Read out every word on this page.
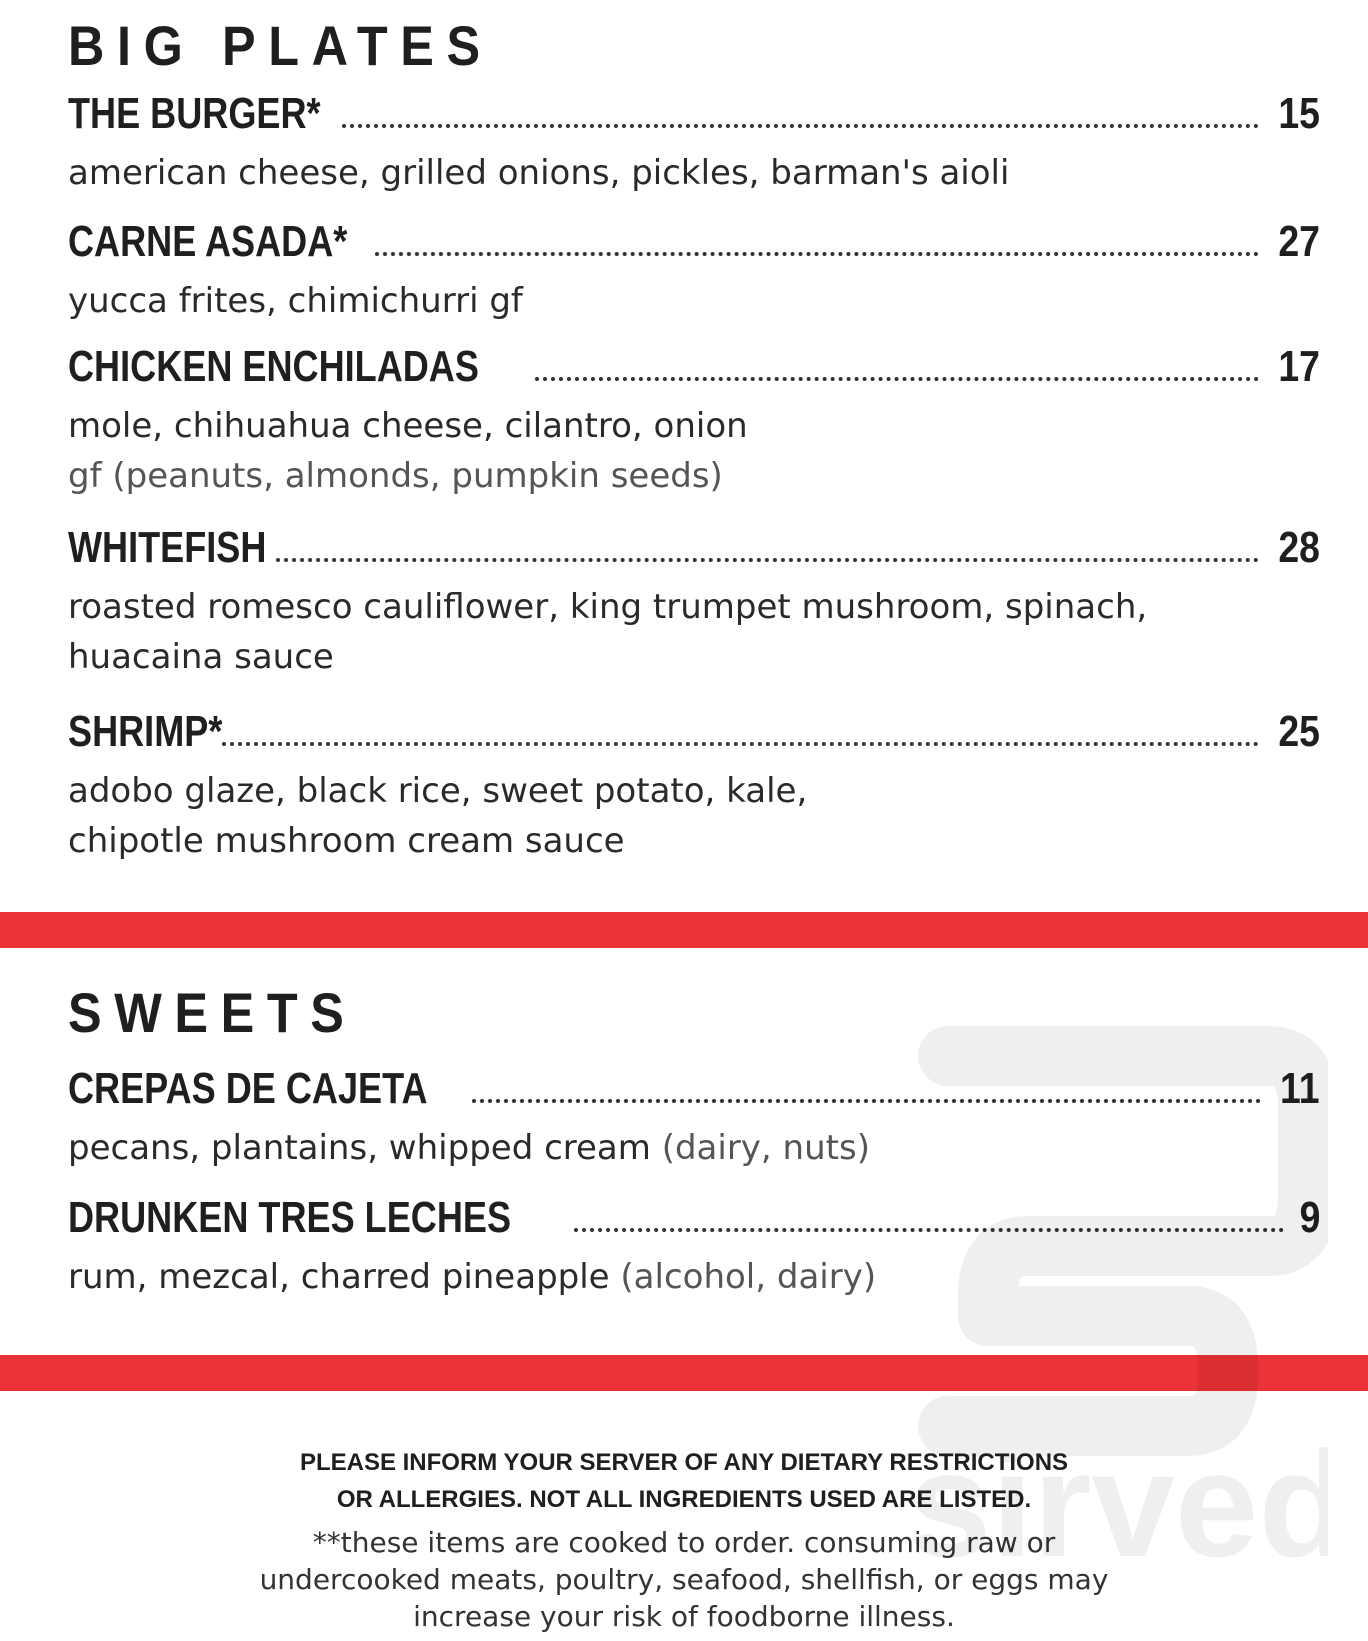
BIG PLATES
THE BURGER*	15

american cheese, grilled onions, pickles, barman's aioli

CARNE ASADA*	27

yucca frites, chimichurri gf

CHICKEN ENCHILADAS	17

mole, chihuahua cheese, cilantro, onion

gf (peanuts, almonds, pumpkin seeds)

WHITEFISH	28

roasted romesco cauliflower, king trumpet mushroom, spinach,

huacaina sauce

SHRIMP*	25

adobo glaze, black rice, sweet potato, kale,

chipotle mushroom cream sauce

SWEETS
CREPAS DE CAJETA	11

pecans, plantains, whipped cream (dairy, nuts)

DRUNKEN TRES LECHES	9

rum, mezcal, charred pineapple (alcohol, dairy)

PLEASE INFORM YOUR SERVER OF ANY DIETARY RESTRICTIONS

OR ALLERGIES. NOT ALL INGREDIENTS USED ARE LISTED.

**these items are cooked to order. consuming raw or

undercooked meats, poultry, seafood, shellfish, or eggs may

increase your risk of foodborne illness.

sirved
